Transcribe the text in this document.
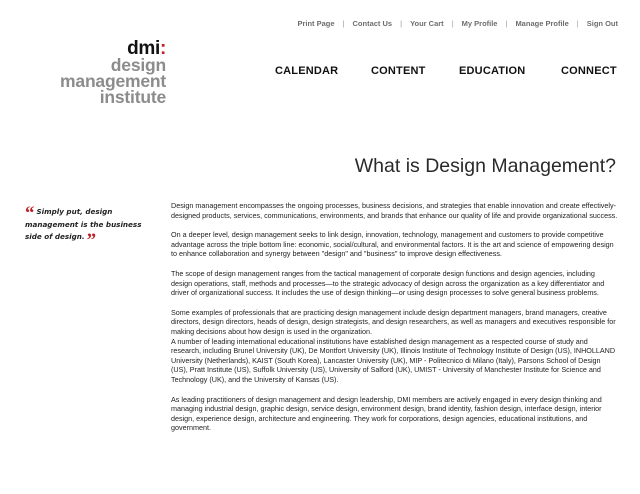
Print Page | Contact Us | Your Cart | My Profile | Manage Profile | Sign Out
dmi:
design
management
institute
CALENDAR	CONTENT	EDUCATION	CONNECT
What is Design Management?
“ Simply put, design management is the business side of design. ”

Design management encompasses the ongoing processes, business decisions, and strategies that enable innovation and create effectively-designed products, services, communications, environments, and brands that enhance our quality of life and provide organizational success.

On a deeper level, design management seeks to link design, innovation, technology, management and customers to provide competitive advantage across the triple bottom line: economic, social/cultural, and environmental factors. It is the art and science of empowering design to enhance collaboration and synergy between "design" and "business" to improve design effectiveness.

The scope of design management ranges from the tactical management of corporate design functions and design agencies, including design operations, staff, methods and processes—to the strategic advocacy of design across the organization as a key differentiator and driver of organizational success. It includes the use of design thinking—or using design processes to solve general business problems.

Some examples of professionals that are practicing design management include design department managers, brand managers, creative directors, design directors, heads of design, design strategists, and design researchers, as well as managers and executives responsible for making decisions about how design is used in the organization.

A number of leading international educational institutions have established design management as a respected course of study and research, including Brunel University (UK), De Montfort University (UK), Illinois Institute of Technology Institute of Design (US), INHOLLAND University (Netherlands), KAIST (South Korea), Lancaster University (UK), MIP - Politecnico di Milano (Italy), Parsons School of Design (US), Pratt Institute (US), Suffolk University (US), University of Salford (UK), UMIST - University of Manchester Institute for Science and Technology (UK), and the University of Kansas (US).

As leading practitioners of design management and design leadership, DMI members are actively engaged in every design thinking and managing industrial design, graphic design, service design, environment design, brand identity, fashion design, interface design, interior design, experience design, architecture and engineering. They work for corporations, design agencies, educational institutions, and government.
